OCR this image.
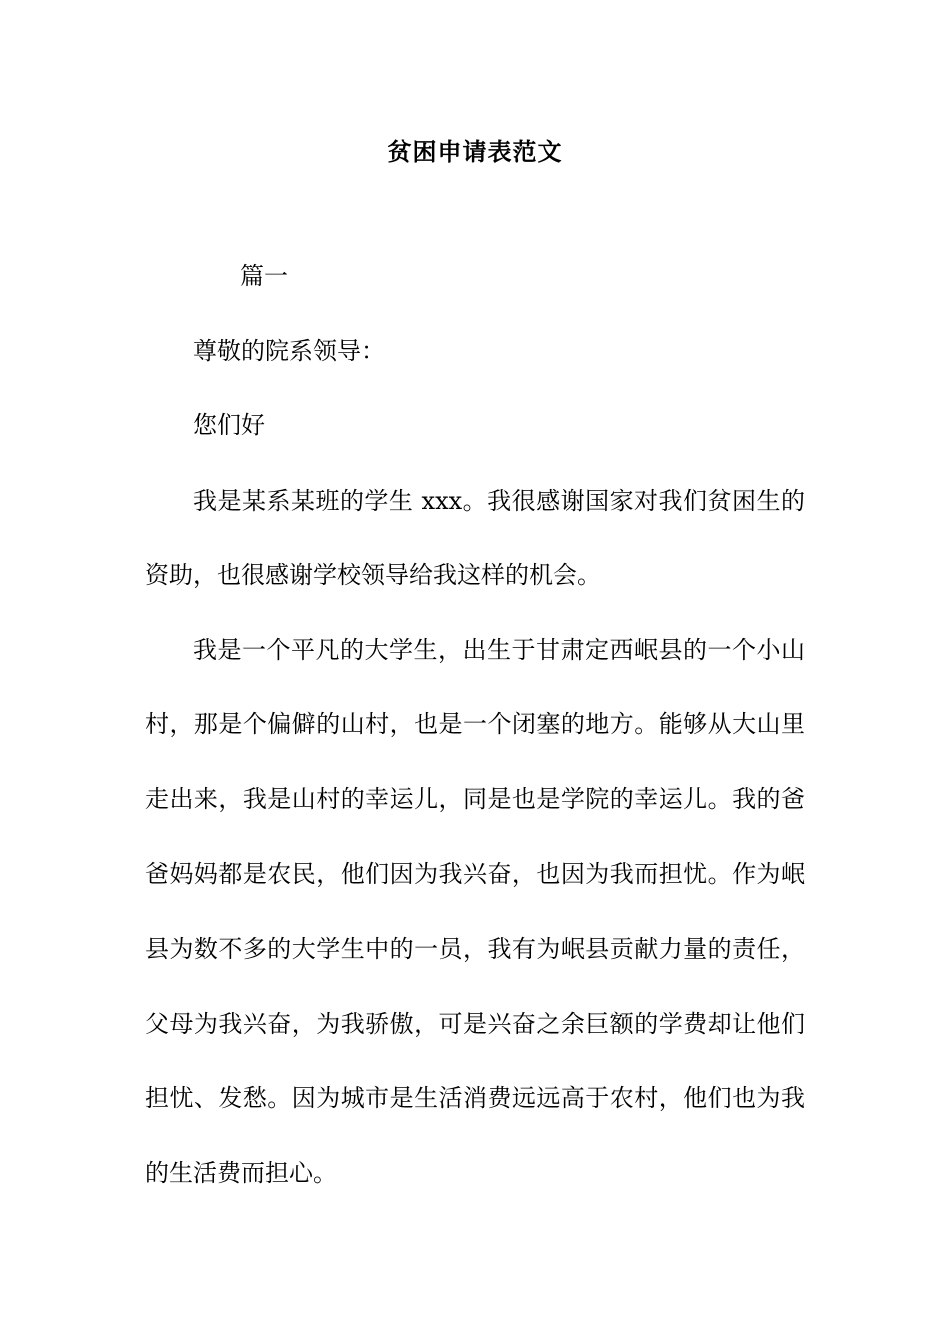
贫困申请表范文
篇一
尊敬的院系领导：
您们好
我是某系某班的学生 xxx。我很感谢国家对我们贫困生的
资助，也很感谢学校领导给我这样的机会。
我是一个平凡的大学生，出生于甘肃定西岷县的一个小山
村，那是个偏僻的山村，也是一个闭塞的地方。能够从大山里
走出来，我是山村的幸运儿，同是也是学院的幸运儿。我的爸
爸妈妈都是农民，他们因为我兴奋，也因为我而担忧。作为岷
县为数不多的大学生中的一员，我有为岷县贡献力量的责任，
父母为我兴奋，为我骄傲，可是兴奋之余巨额的学费却让他们
担忧、发愁。因为城市是生活消费远远高于农村，他们也为我
的生活费而担心。
